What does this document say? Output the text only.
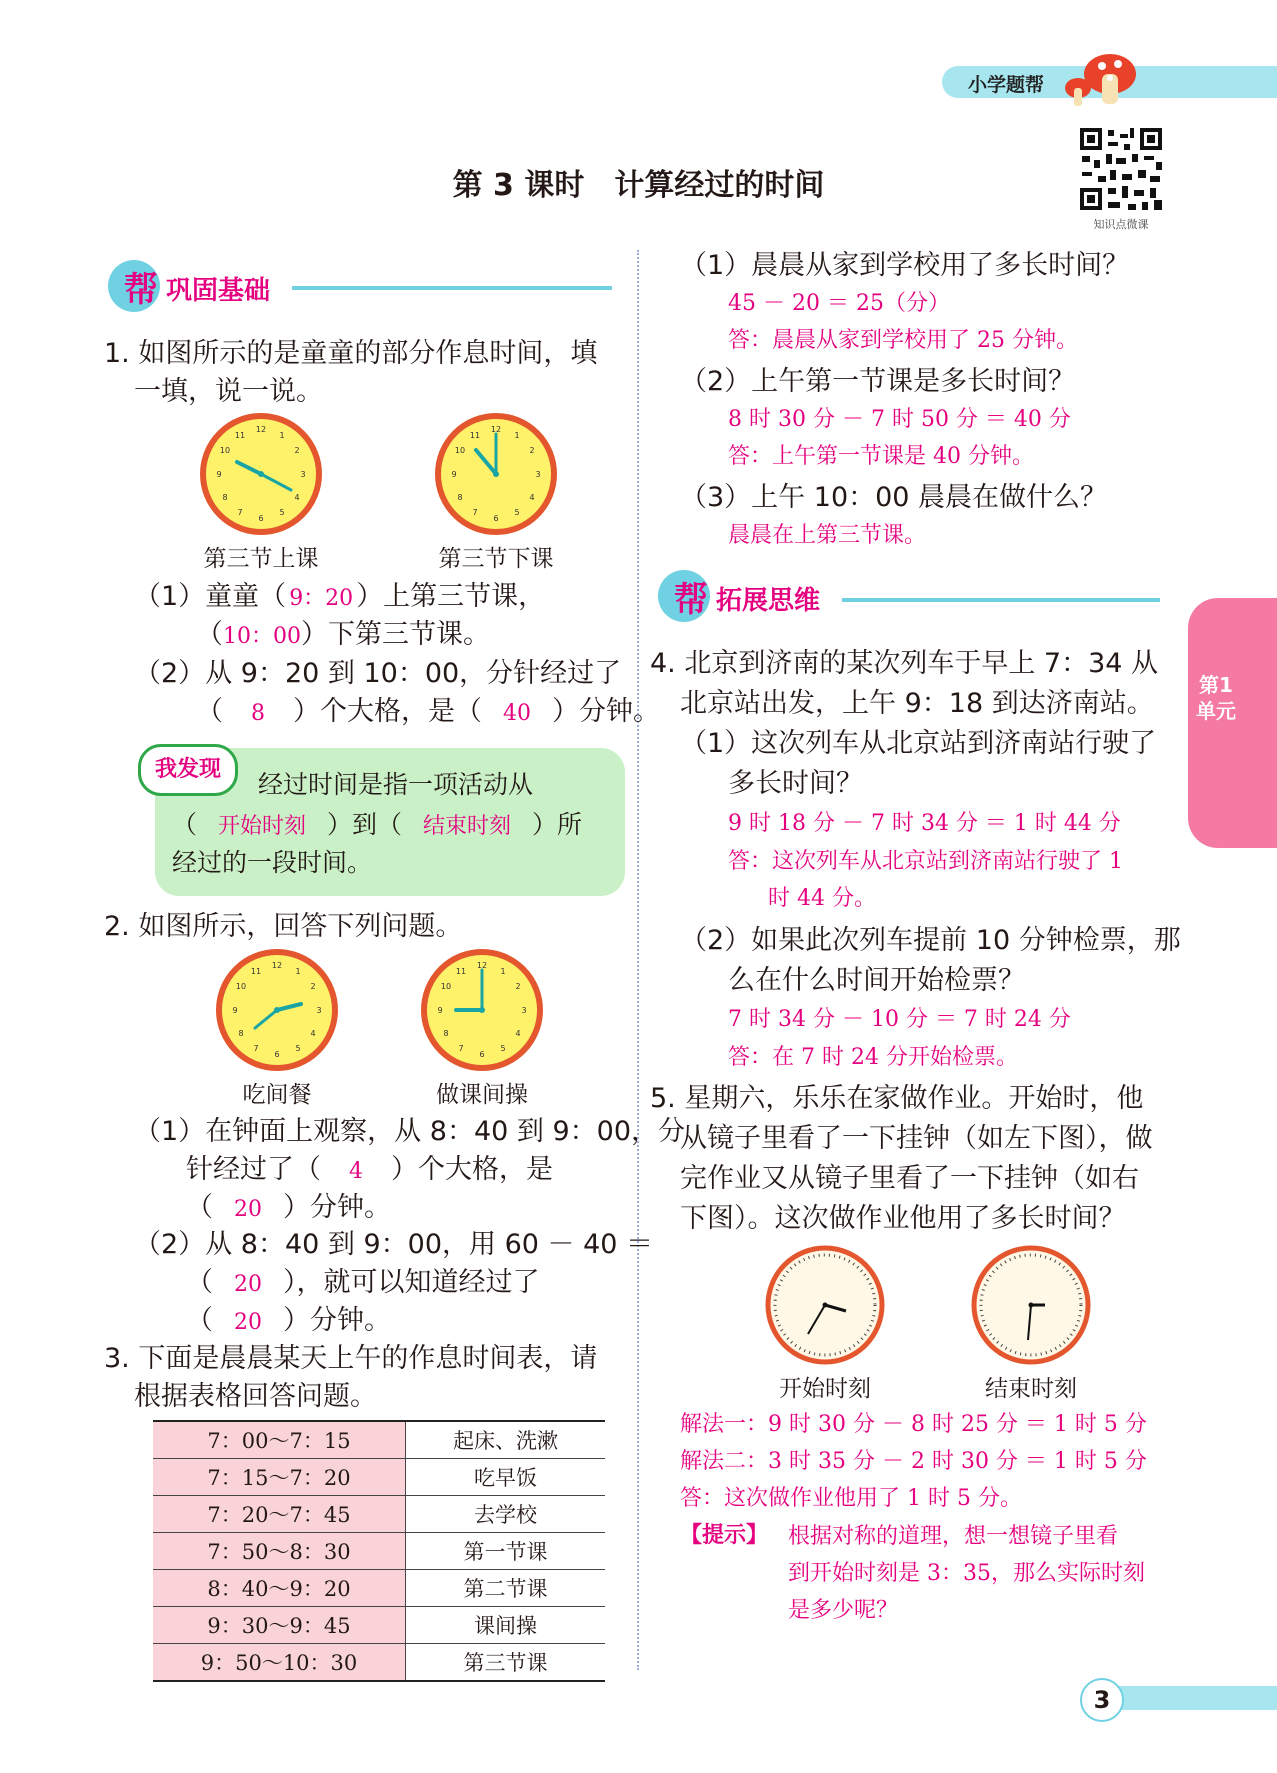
小学题帮
第 3 课时　计算经过的时间
知识点微课
帮 巩固基础
1. 如图所示的是童童的部分作息时间，填
一填，说一说。
12
1
2
3
4
5
6
7
8
9
10
11
12
1
2
3
4
5
6
7
8
9
10
11
第三节上课	第三节下课
（1）童童（ 9：20 ）上第三节课，
（10：00）下第三节课。
（2）从 9：20 到 10：00，分针经过了
（ 8 ）个大格，是（ 40 ）分钟。
我发现
经过时间是指一项活动从
（ 开始时刻 ）到（ 结束时刻 ）所
经过的一段时间。
2. 如图所示，回答下列问题。
12
1
2
3
4
5
6
7
8
9
10
11
12
1
2
3
4
5
6
7
8
9
10
11
吃间餐	做课间操
（1）在钟面上观察，从 8：40 到 9：00，分
针经过了（ 4 ）个大格，是
（ 20 ）分钟。
（2）从 8：40 到 9：00，用 60 － 40 ＝
（ 20 ），就可以知道经过了
（ 20 ）分钟。
3. 下面是晨晨某天上午的作息时间表，请
根据表格回答问题。
7：00～7：15	起床、洗漱
7：15～7：20	吃早饭
7：20～7：45	去学校
7：50～8：30	第一节课
8：40～9：20	第二节课
9：30～9：45	课间操
9：50～10：30	第三节课
（1）晨晨从家到学校用了多长时间？
45 － 20 ＝ 25（分）
答：晨晨从家到学校用了 25 分钟。
（2）上午第一节课是多长时间？
8 时 30 分 － 7 时 50 分 ＝ 40 分
答：上午第一节课是 40 分钟。
（3）上午 10：00 晨晨在做什么？
晨晨在上第三节课。
帮 拓展思维
4. 北京到济南的某次列车于早上 7：34 从
北京站出发，上午 9：18 到达济南站。
（1）这次列车从北京站到济南站行驶了
多长时间？
9 时 18 分 － 7 时 34 分 ＝ 1 时 44 分
答：这次列车从北京站到济南站行驶了 1
时 44 分。
（2）如果此次列车提前 10 分钟检票，那
么在什么时间开始检票？
7 时 34 分 － 10 分 ＝ 7 时 24 分
答：在 7 时 24 分开始检票。
5. 星期六，乐乐在家做作业。开始时，他
从镜子里看了一下挂钟（如左下图），做
完作业又从镜子里看了一下挂钟（如右
下图）。这次做作业他用了多长时间？
开始时刻	结束时刻
解法一：9 时 30 分 － 8 时 25 分 ＝ 1 时 5 分
解法二：3 时 35 分 － 2 时 30 分 ＝ 1 时 5 分
答：这次做作业他用了 1 时 5 分。
【提示】 根据对称的道理，想一想镜子里看
到开始时刻是 3：35，那么实际时刻
是多少呢？
第1单元
3
